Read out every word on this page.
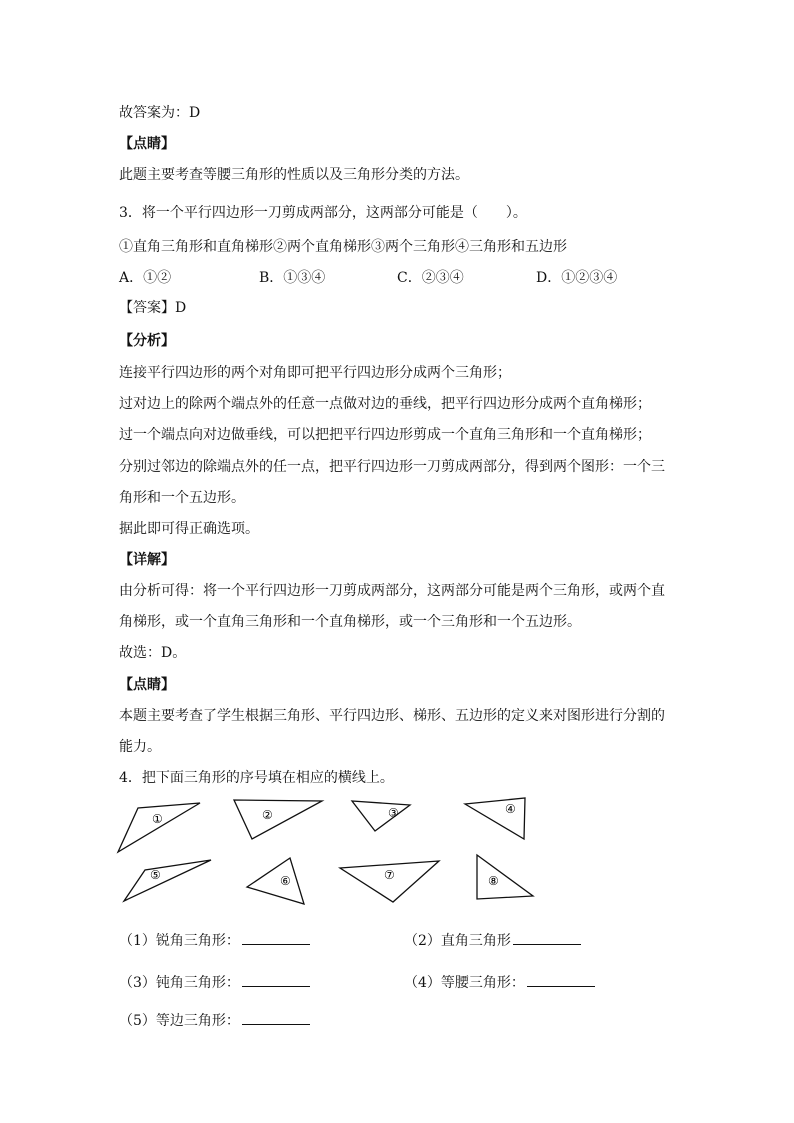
故答案为：D
【点睛】
此题主要考查等腰三角形的性质以及三角形分类的方法。
3．将一个平行四边形一刀剪成两部分，这两部分可能是（　　）。
①直角三角形和直角梯形②两个直角梯形③两个三角形④三角形和五边形
【答案】D
【分析】
连接平行四边形的两个对角即可把平行四边形分成两个三角形；
过对边上的除两个端点外的任意一点做对边的垂线，把平行四边形分成两个直角梯形；
过一个端点向对边做垂线，可以把把平行四边形剪成一个直角三角形和一个直角梯形；
分别过邻边的除端点外的任一点，把平行四边形一刀剪成两部分，得到两个图形：一个三
角形和一个五边形。
据此即可得正确选项。
【详解】
由分析可得：将一个平行四边形一刀剪成两部分，这两部分可能是两个三角形，或两个直
角梯形，或一个直角三角形和一个直角梯形，或一个三角形和一个五边形。
故选：D。
【点睛】
本题主要考查了学生根据三角形、平行四边形、梯形、五边形的定义来对图形进行分割的
能力。
4．把下面三角形的序号填在相应的横线上。
A．①②	B．①③④	C．②③④	D．①②③④
（1）锐角三角形：	（2）直角三角形
（3）钝角三角形：	（4）等腰三角形：
（5）等边三角形：
①	②	③	④
⑤	⑥	⑦	⑧
